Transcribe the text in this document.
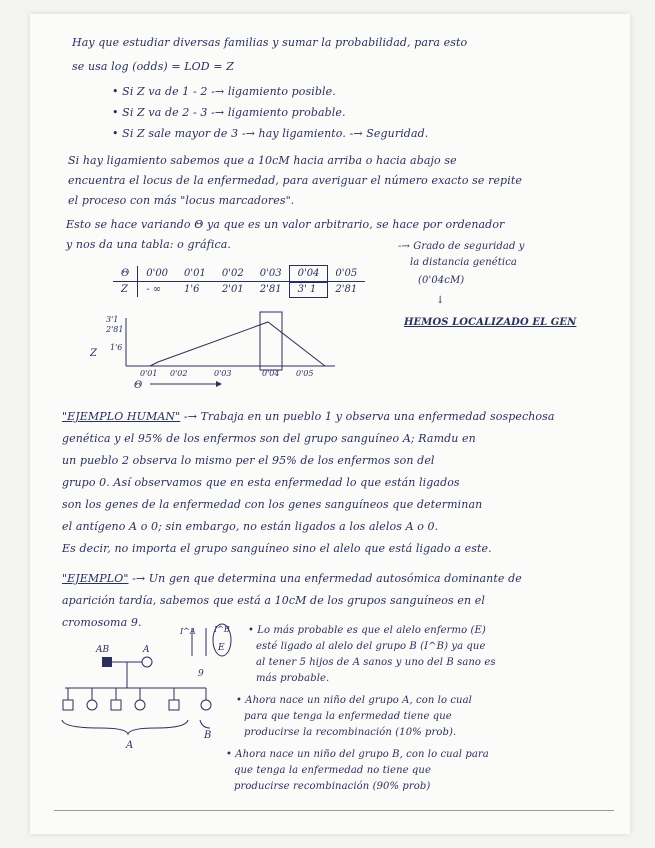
Hay que estudiar diversas familias y sumar la probabilidad, para esto
se usa log (odds) = LOD = Z
• Si Z va de 1 - 2 -→ ligamiento posible.
• Si Z va de 2 - 3 -→ ligamiento probable.
• Si Z sale mayor de 3 -→ hay ligamiento. -→ Seguridad.
Si hay ligamiento sabemos que a 10cM hacia arriba o hacia abajo se
encuentra el locus de la enfermedad, para averiguar el número exacto se repite
el proceso con más "locus marcadores".
Esto se hace variando Θ ya que es un valor arbitrario, se hace por ordenador
y nos da una tabla: o gráfica.
Θ	0'00	0'01	0'02	0'03	0'04	0'05
Z	- ∞	1'6	2'01	2'81	3' 1	2'81
-→ Grado de seguridad y
la distancia genética
(0'04cM)
↓
HEMOS LOCALIZADO EL GEN
3'1
2'81
1'6
Z
0'01 0'02	0'03	0'04 0'05
Θ
"EJEMPLO HUMAN" -→ Trabaja en un pueblo 1 y observa una enfermedad sospechosa
genética y el 95% de los enfermos son del grupo sanguíneo A; Ramdu en
un pueblo 2 observa lo mismo per el 95% de los enfermos son del
grupo 0. Así observamos que en esta enfermedad lo que están ligados
son los genes de la enfermedad con los genes sanguíneos que determinan
el antígeno A o 0; sin embargo, no están ligados a los alelos A o 0.
Es decir, no importa el grupo sanguíneo sino el alelo que está ligado a este.
"EJEMPLO" -→ Un gen que determina una enfermedad autosómica dominante de
aparición tardía, sabemos que está a 10cM de los grupos sanguíneos en el
cromosoma 9.
AB	A
I^A I^B
E
9
A
B
• Lo más probable es que el alelo enfermo (E)
esté ligado al alelo del grupo B (I^B) ya que
al tener 5 hijos de A sanos y uno del B sano es
más probable.
• Ahora nace un niño del grupo A, con lo cual
para que tenga la enfermedad tiene que
producirse la recombinación (10% prob).
• Ahora nace un niño del grupo B, con lo cual para
que tenga la enfermedad no tiene que
producirse recombinación (90% prob)
